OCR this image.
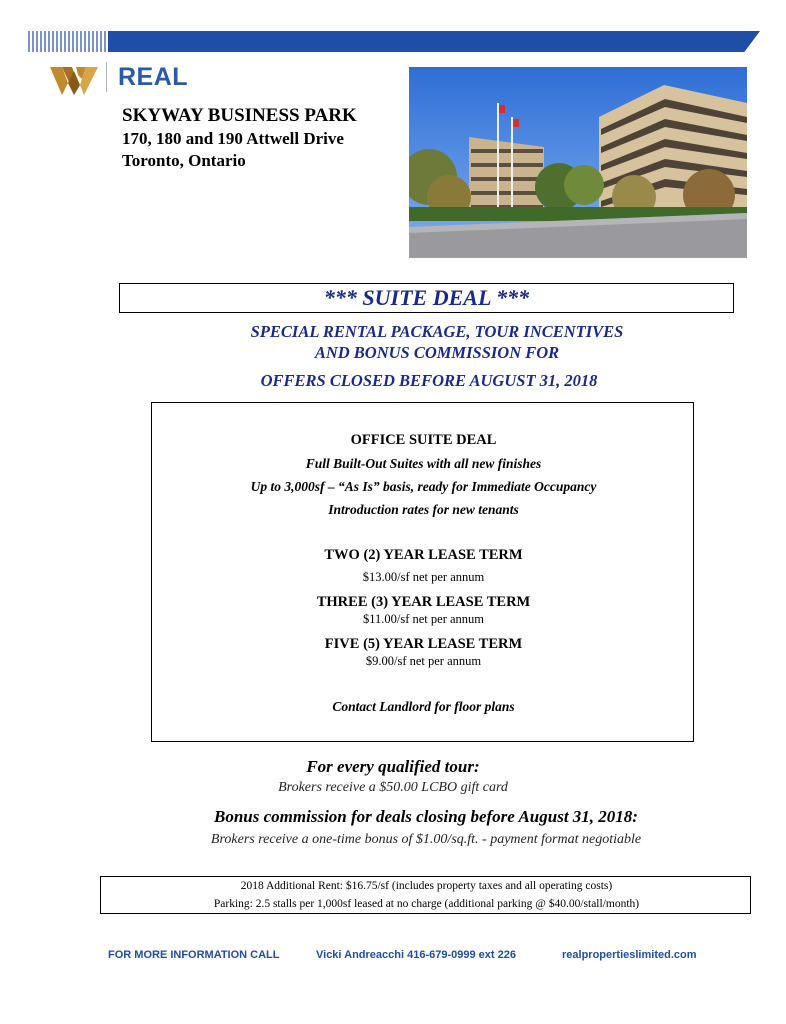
REAL
SKYWAY BUSINESS PARK
170, 180 and 190 Attwell Drive
Toronto, Ontario
*** SUITE DEAL ***
SPECIAL RENTAL PACKAGE, TOUR INCENTIVES
AND BONUS COMMISSION FOR
OFFERS CLOSED BEFORE AUGUST 31, 2018
OFFICE SUITE DEAL
Full Built-Out Suites with all new finishes
Up to 3,000sf – “As Is” basis, ready for Immediate Occupancy
Introduction rates for new tenants
TWO (2) YEAR LEASE TERM
$13.00/sf net per annum
THREE (3) YEAR LEASE TERM
$11.00/sf net per annum
FIVE (5) YEAR LEASE TERM
$9.00/sf net per annum
Contact Landlord for floor plans
For every qualified tour:
Brokers receive a $50.00 LCBO gift card
Bonus commission for deals closing before August 31, 2018:
Brokers receive a one-time bonus of $1.00/sq.ft. - payment format negotiable
2018 Additional Rent: $16.75/sf (includes property taxes and all operating costs)
Parking: 2.5 stalls per 1,000sf leased at no charge (additional parking @ $40.00/stall/month)
FOR MORE INFORMATION CALL	Vicki Andreacchi 416-679-0999 ext 226	realpropertieslimited.com
